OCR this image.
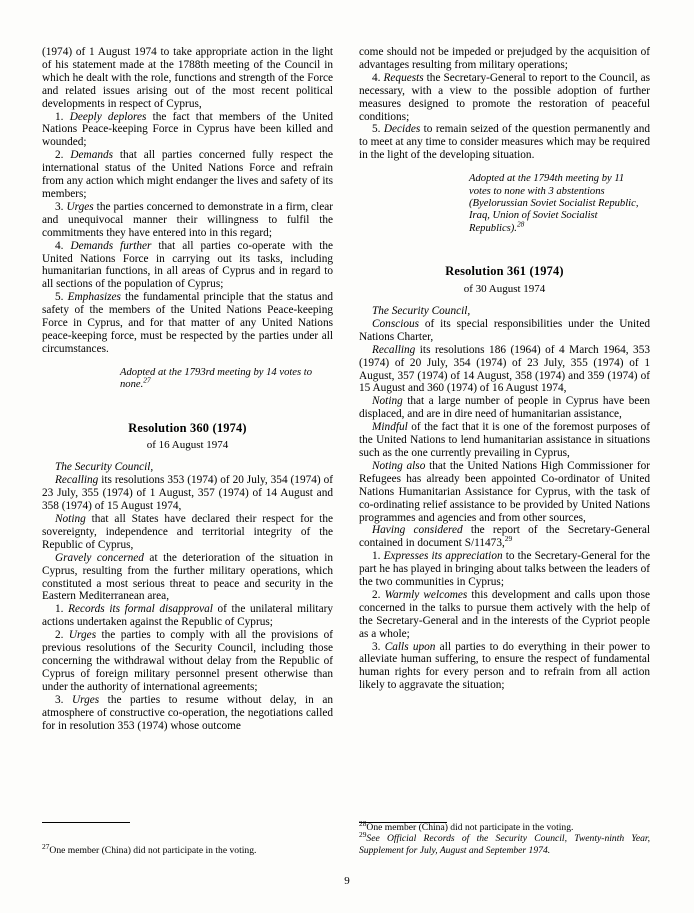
(1974) of 1 August 1974 to take appropriate action in the light of his statement made at the 1788th meeting of the Council in which he dealt with the role, functions and strength of the Force and related issues arising out of the most recent political developments in respect of Cyprus,

1. Deeply deplores the fact that members of the United Nations Peace-keeping Force in Cyprus have been killed and wounded;

2. Demands that all parties concerned fully respect the international status of the United Nations Force and refrain from any action which might endanger the lives and safety of its members;

3. Urges the parties concerned to demonstrate in a firm, clear and unequivocal manner their willingness to fulfil the commitments they have entered into in this regard;

4. Demands further that all parties co-operate with the United Nations Force in carrying out its tasks, including humanitarian functions, in all areas of Cyprus and in regard to all sections of the population of Cyprus;

5. Emphasizes the fundamental principle that the status and safety of the members of the United Nations Peace-keeping Force in Cyprus, and for that matter of any United Nations peace-keeping force, must be respected by the parties under all circumstances.

Adopted at the 1793rd meeting by 14 votes to none.$^{27}$

Resolution 360 (1974)

of 16 August 1974

The Security Council,

Recalling its resolutions 353 (1974) of 20 July, 354 (1974) of 23 July, 355 (1974) of 1 August, 357 (1974) of 14 August and 358 (1974) of 15 August 1974,

Noting that all States have declared their respect for the sovereignty, independence and territorial integrity of the Republic of Cyprus,

Gravely concerned at the deterioration of the situation in Cyprus, resulting from the further military operations, which constituted a most serious threat to peace and security in the Eastern Mediterranean area,

1. Records its formal disapproval of the unilateral military actions undertaken against the Republic of Cyprus;

2. Urges the parties to comply with all the provisions of previous resolutions of the Security Council, including those concerning the withdrawal without delay from the Republic of Cyprus of foreign military personnel present otherwise than under the authority of international agreements;

3. Urges the parties to resume without delay, in an atmosphere of constructive co-operation, the negotiations called for in resolution 353 (1974) whose outcome

$^{27}$One member (China) did not participate in the voting.

come should not be impeded or prejudged by the acquisition of advantages resulting from military operations;

4. Requests the Secretary-General to report to the Council, as necessary, with a view to the possible adoption of further measures designed to promote the restoration of peaceful conditions;

5. Decides to remain seized of the question permanently and to meet at any time to consider measures which may be required in the light of the developing situation.

Adopted at the 1794th meeting by 11 votes to none with 3 abstentions (Byelorussian Soviet Socialist Republic, Iraq, Union of Soviet Socialist Republics).$^{28}$

Resolution 361 (1974)

of 30 August 1974

The Security Council,

Conscious of its special responsibilities under the United Nations Charter,

Recalling its resolutions 186 (1964) of 4 March 1964, 353 (1974) of 20 July, 354 (1974) of 23 July, 355 (1974) of 1 August, 357 (1974) of 14 August, 358 (1974) and 359 (1974) of 15 August and 360 (1974) of 16 August 1974,

Noting that a large number of people in Cyprus have been displaced, and are in dire need of humanitarian assistance,

Mindful of the fact that it is one of the foremost purposes of the United Nations to lend humanitarian assistance in situations such as the one currently prevailing in Cyprus,

Noting also that the United Nations High Commissioner for Refugees has already been appointed Co-ordinator of United Nations Humanitarian Assistance for Cyprus, with the task of co-ordinating relief assistance to be provided by United Nations programmes and agencies and from other sources,

Having considered the report of the Secretary-General contained in document S/11473,29

1. Expresses its appreciation to the Secretary-General for the part he has played in bringing about talks between the leaders of the two communities in Cyprus;

2. Warmly welcomes this development and calls upon those concerned in the talks to pursue them actively with the help of the Secretary-General and in the interests of the Cypriot people as a whole;

3. Calls upon all parties to do everything in their power to alleviate human suffering, to ensure the respect of fundamental human rights for every person and to refrain from all action likely to aggravate the situation;

$^{28}$One member (China) did not participate in the voting.

$^{29}$See Official Records of the Security Council, Twenty-ninth Year, Supplement for July, August and September 1974.

9
